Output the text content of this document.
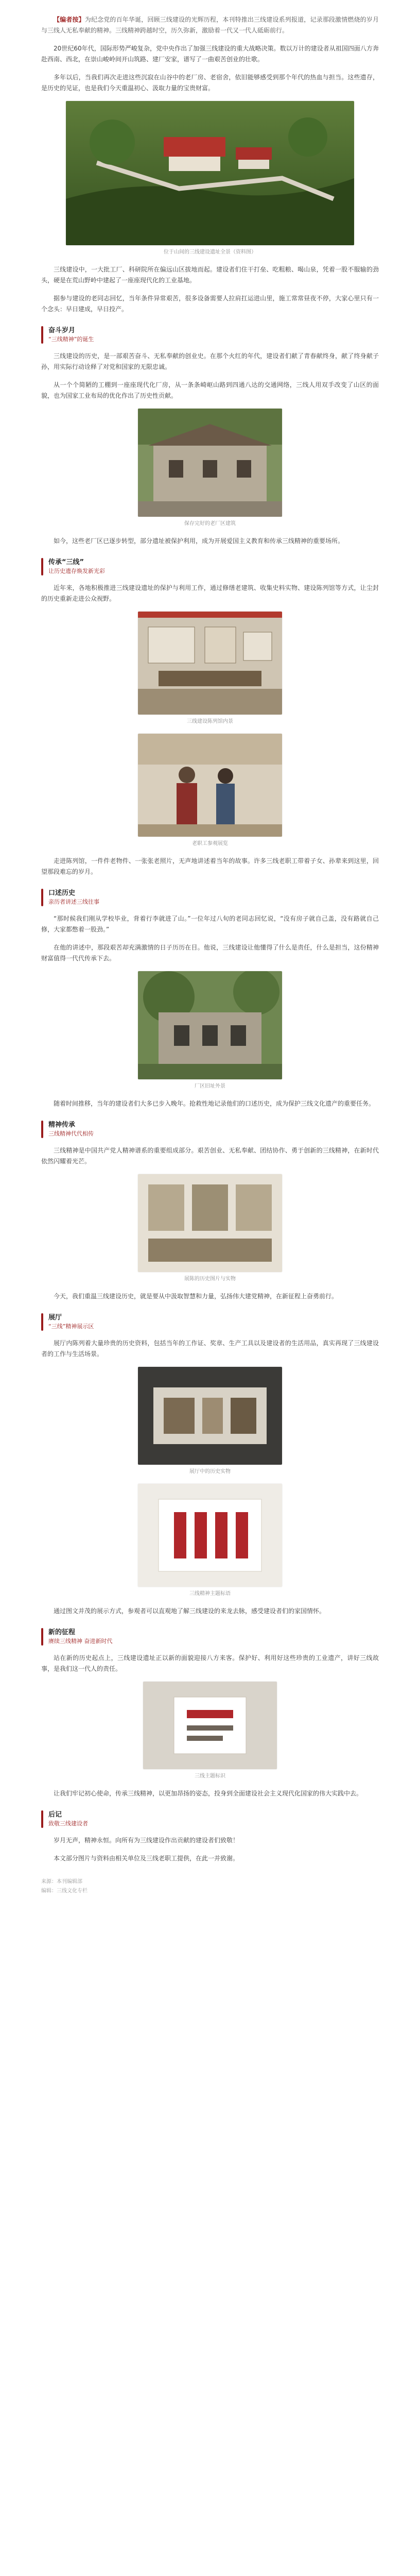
【编者按】为纪念党的百年华诞，回顾三线建设的光辉历程，本刊特推出三线建设系列报道，记录那段激情燃烧的岁月与三线人无私奉献的精神。三线精神跨越时空，历久弥新，激励着一代又一代人砥砺前行。

20世纪60年代，国际形势严峻复杂，党中央作出了加强三线建设的重大战略决策。数以万计的建设者从祖国四面八方奔赴西南、西北，在崇山峻岭间开山筑路、建厂安家，谱写了一曲艰苦创业的壮歌。

多年以后，当我们再次走进这些沉寂在山谷中的老厂房、老宿舍，依旧能够感受到那个年代的热血与担当。这些遗存，是历史的见证，也是我们今天重温初心、汲取力量的宝贵财富。

位于山间的三线建设遗址全景（资料图）

三线建设中，一大批工厂、科研院所在偏远山区拔地而起。建设者们住干打垒、吃粗粮、喝山泉，凭着一股不服输的劲头，硬是在荒山野岭中建起了一座座现代化的工业基地。

据参与建设的老同志回忆，当年条件异常艰苦，很多设备需要人拉肩扛运进山里，施工常常昼夜不停，大家心里只有一个念头：早日建成，早日投产。

奋斗岁月
“三线精神”的诞生

三线建设的历史，是一部艰苦奋斗、无私奉献的创业史。在那个火红的年代，建设者们献了青春献终身，献了终身献子孙，用实际行动诠释了对党和国家的无限忠诚。

从一个个简陋的工棚到一座座现代化厂房，从一条条崎岖山路到四通八达的交通网络，三线人用双手改变了山区的面貌，也为国家工业布局的优化作出了历史性贡献。

保存完好的老厂区建筑

如今，这些老厂区已逐步转型，部分遗址被保护利用，成为开展爱国主义教育和传承三线精神的重要场所。

传承“三线”
让历史遗存焕发新光彩

近年来，各地积极推进三线建设遗址的保护与利用工作，通过修缮老建筑、收集史料实物、建设陈列馆等方式，让尘封的历史重新走进公众视野。

三线建设陈列馆内景
老职工参观展览

走进陈列馆，一件件老物件、一张张老照片，无声地讲述着当年的故事。许多三线老职工带着子女、孙辈来到这里，回望那段难忘的岁月。

口述历史
亲历者讲述三线往事

“那时候我们刚从学校毕业，背着行李就进了山。”一位年过八旬的老同志回忆说，“没有房子就自己盖，没有路就自己修，大家都憋着一股劲。”

在他的讲述中，那段艰苦却充满激情的日子历历在目。他说，三线建设让他懂得了什么是责任，什么是担当，这份精神财富值得一代代传承下去。

厂区旧址外景

随着时间推移，当年的建设者们大多已步入晚年。抢救性地记录他们的口述历史，成为保护三线文化遗产的重要任务。

精神传承
三线精神代代相传

三线精神是中国共产党人精神谱系的重要组成部分。艰苦创业、无私奉献、团结协作、勇于创新的三线精神，在新时代依然闪耀着光芒。

展陈的历史图片与实物

今天，我们重温三线建设历史，就是要从中汲取智慧和力量，弘扬伟大建党精神，在新征程上奋勇前行。

展厅
“三线”精神展示区

展厅内陈列着大量珍贵的历史资料，包括当年的工作证、奖章、生产工具以及建设者的生活用品，真实再现了三线建设者的工作与生活场景。

展厅中的历史实物
三线精神主题标语

通过图文并茂的展示方式，参观者可以直观地了解三线建设的来龙去脉，感受建设者们的家国情怀。

新的征程
赓续三线精神 奋进新时代

站在新的历史起点上，三线建设遗址正以新的面貌迎接八方来客。保护好、利用好这些珍贵的工业遗产，讲好三线故事，是我们这一代人的责任。

三线主题标识

让我们牢记初心使命，传承三线精神，以更加昂扬的姿态，投身到全面建设社会主义现代化国家的伟大实践中去。

后记
致敬三线建设者

岁月无声，精神永恒。向所有为三线建设作出贡献的建设者们致敬！

本文部分图片与资料由相关单位及三线老职工提供，在此一并致谢。

来源：本刊编辑部
编辑：三线文化专栏
